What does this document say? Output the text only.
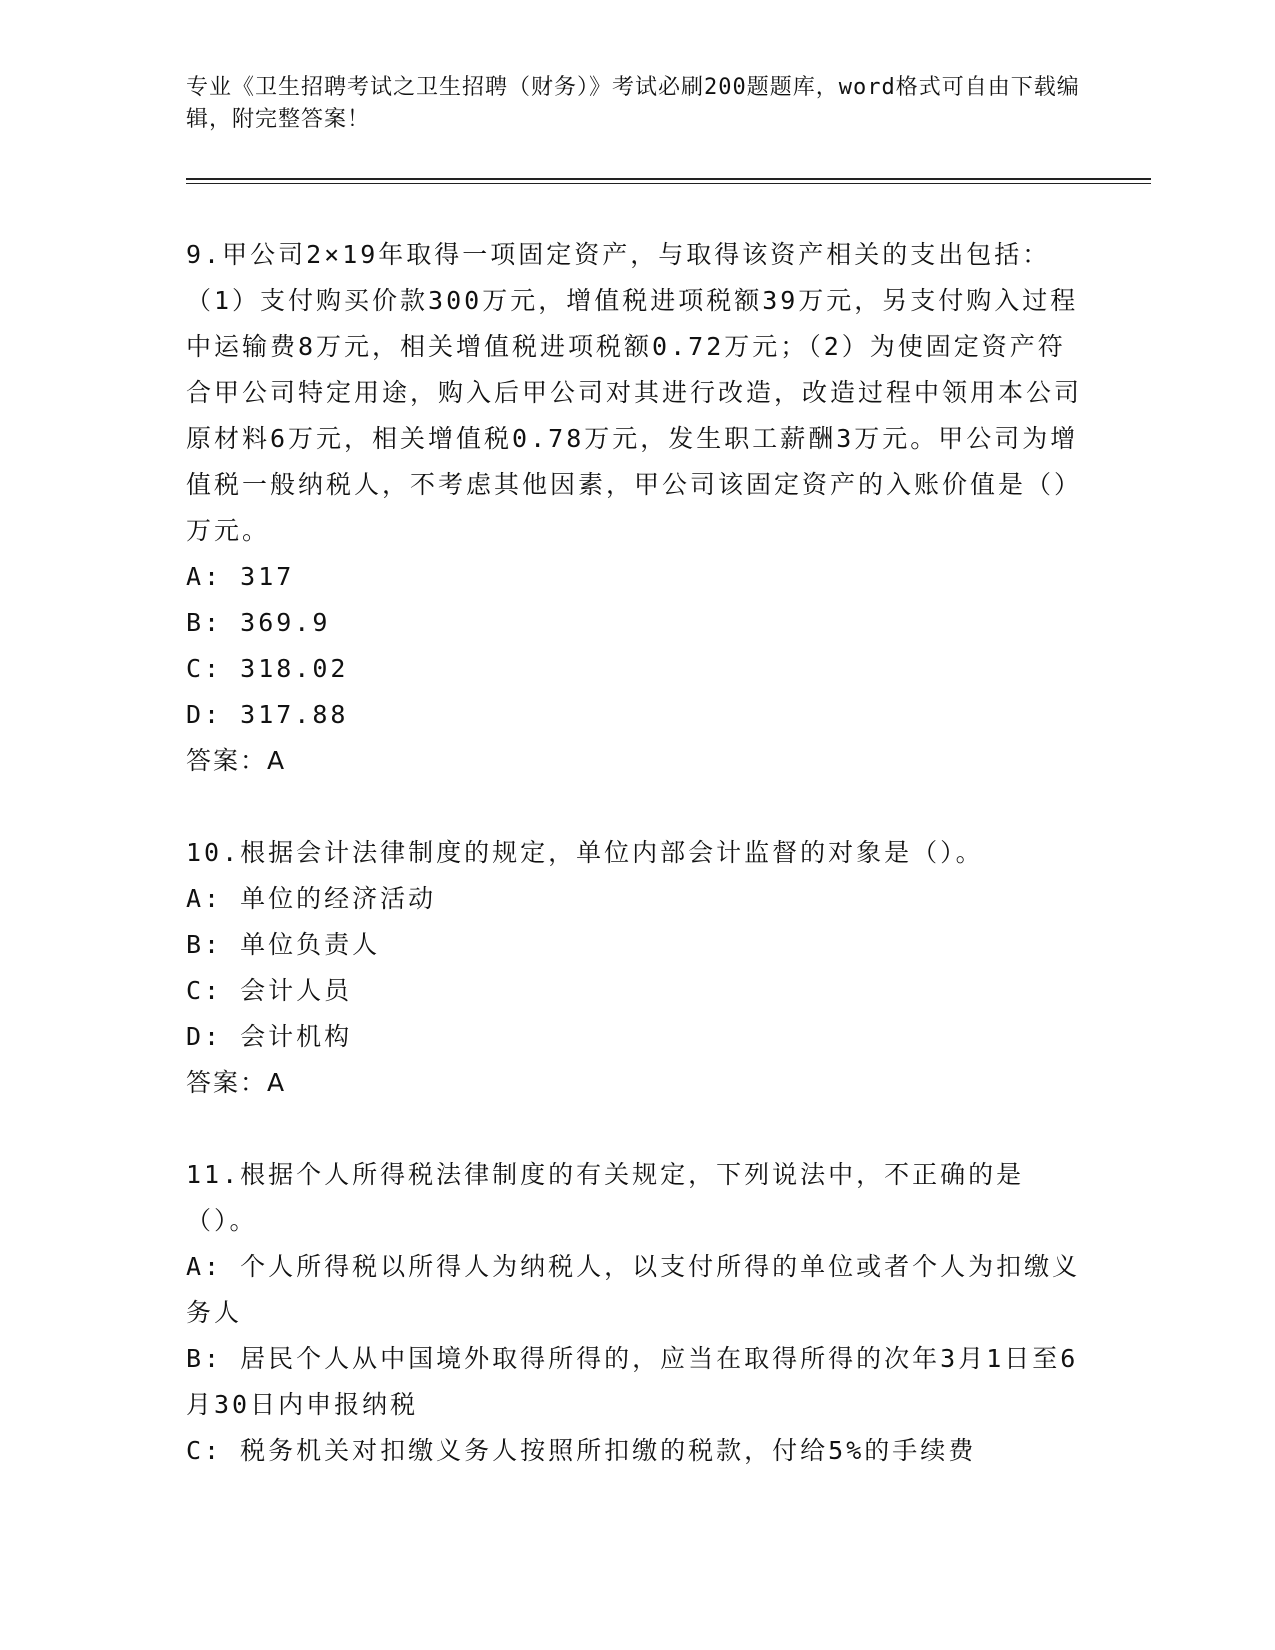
专业《卫生招聘考试之卫生招聘（财务）》考试必刷200题题库，word格式可自由下载编辑，附完整答案！

9.甲公司2×19年取得一项固定资产，与取得该资产相关的支出包括：（1）支付购买价款300万元，增值税进项税额39万元，另支付购入过程中运输费8万元，相关增值税进项税额0.72万元；（2）为使固定资产符合甲公司特定用途，购入后甲公司对其进行改造，改造过程中领用本公司原材料6万元，相关增值税0.78万元，发生职工薪酬3万元。甲公司为增值税一般纳税人，不考虑其他因素，甲公司该固定资产的入账价值是（）万元。

A: 317

B: 369.9

C: 318.02

D: 317.88

答案：A

10.根据会计法律制度的规定，单位内部会计监督的对象是（）。

A: 单位的经济活动

B: 单位负责人

C: 会计人员

D: 会计机构

答案：A

11.根据个人所得税法律制度的有关规定，下列说法中，不正确的是（）。

A: 个人所得税以所得人为纳税人，以支付所得的单位或者个人为扣缴义务人

B: 居民个人从中国境外取得所得的，应当在取得所得的次年3月1日至6月30日内申报纳税

C: 税务机关对扣缴义务人按照所扣缴的税款，付给5%的手续费
